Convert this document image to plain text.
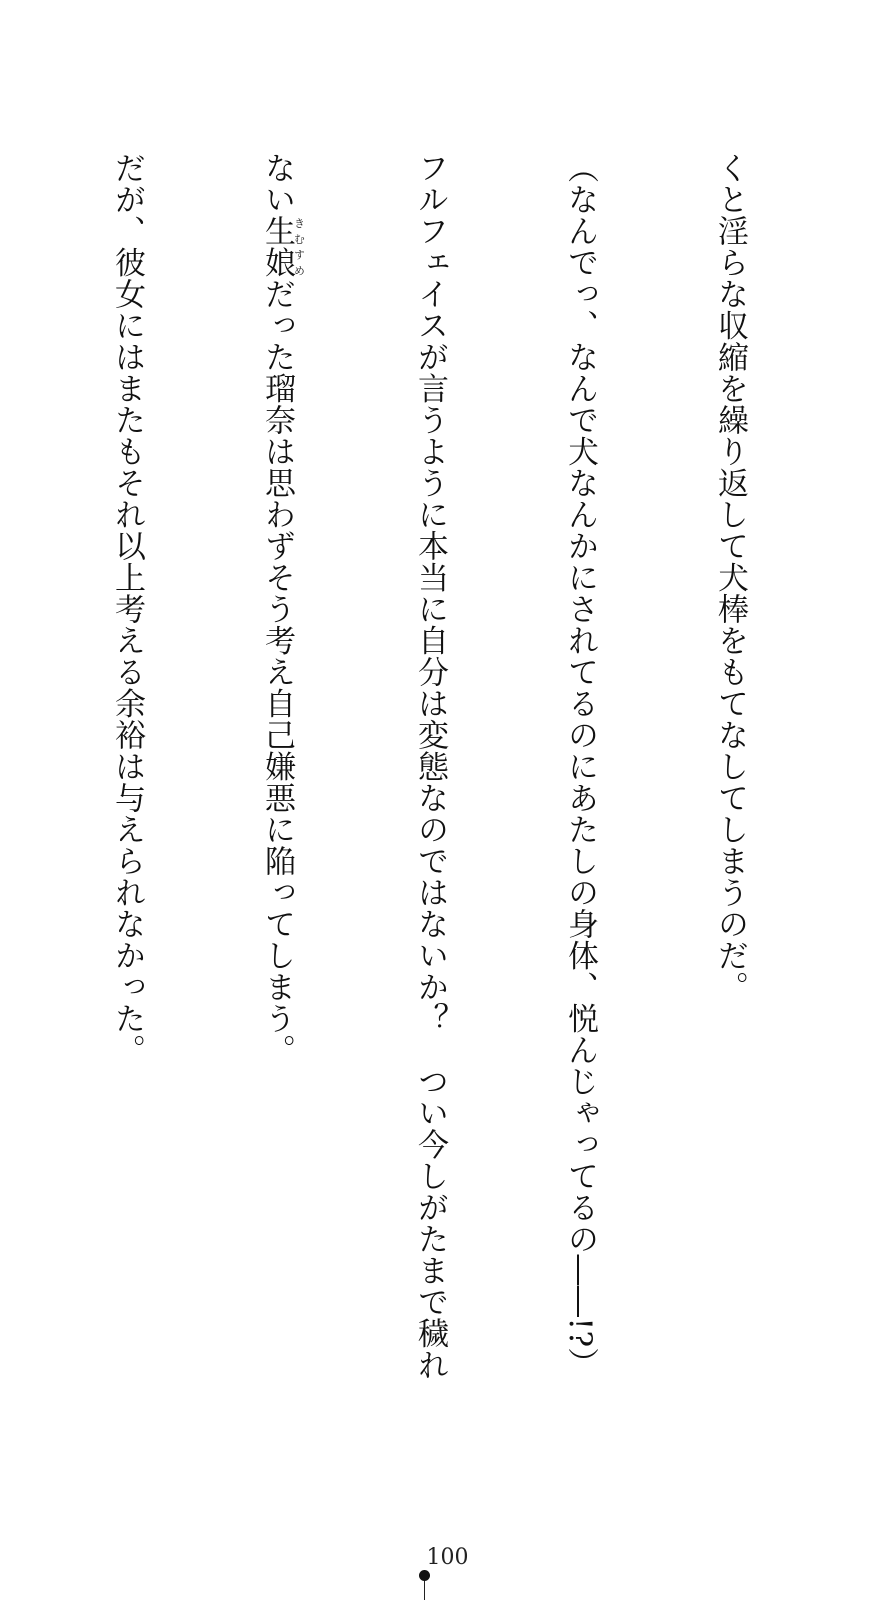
くと淫らな収縮を繰り返して犬棒をもてなしてしまうのだ。

（なんでっ、なんで犬なんかにされてるのにあたしの身体、悦んじゃってるの――!?）

フルフェイスが言うように本当に自分は変態なのではないか？　つい今しがたまで穢れ

ない生娘きむすめだった瑠奈は思わずそう考え自己嫌悪に陥ってしまう。

だが、彼女にはまたもそれ以上考える余裕は与えられなかった。

100
